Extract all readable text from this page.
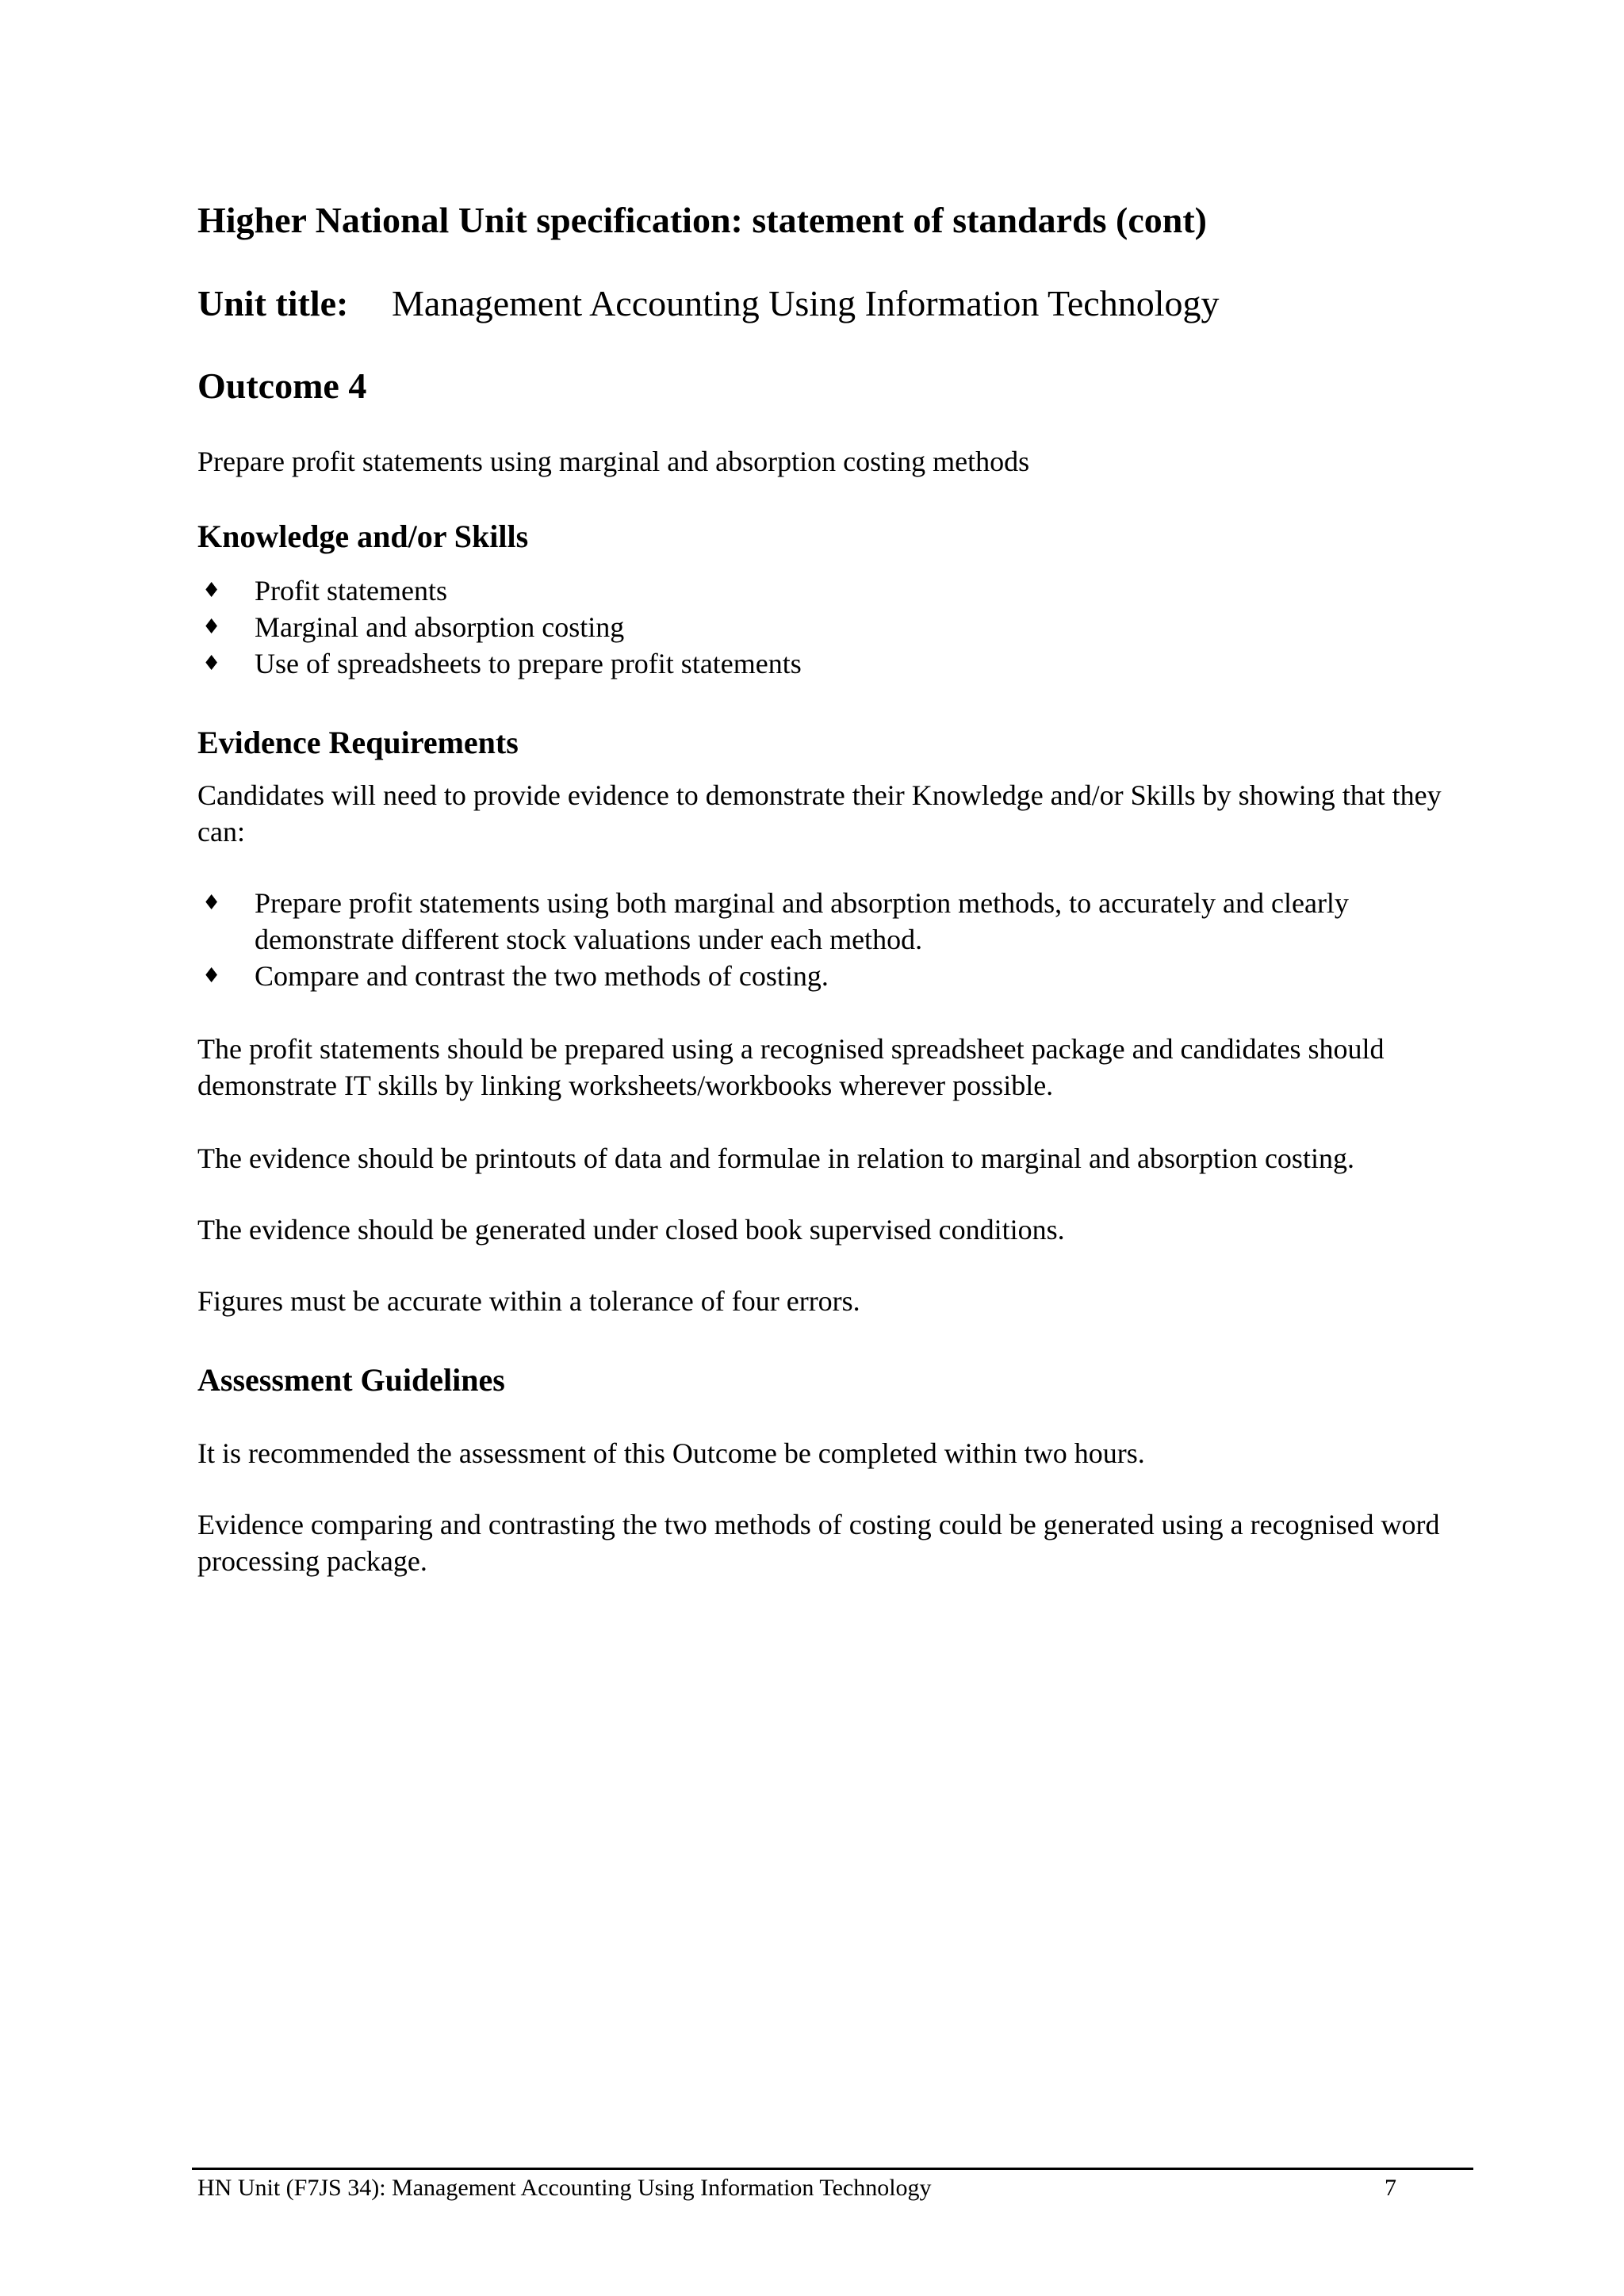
Higher National Unit specification: statement of standards (cont)
Unit title: Management Accounting Using Information Technology
Outcome 4

Prepare profit statements using marginal and absorption costing methods

Knowledge and/or Skills
♦ Profit statements
♦ Marginal and absorption costing
♦ Use of spreadsheets to prepare profit statements
Evidence Requirements

Candidates will need to provide evidence to demonstrate their Knowledge and/or Skills by showing that they can:

♦ Prepare profit statements using both marginal and absorption methods, to accurately and clearly demonstrate different stock valuations under each method.
♦ Compare and contrast the two methods of costing.

The profit statements should be prepared using a recognised spreadsheet package and candidates should demonstrate IT skills by linking worksheets/workbooks wherever possible.

The evidence should be printouts of data and formulae in relation to marginal and absorption costing.

The evidence should be generated under closed book supervised conditions.

Figures must be accurate within a tolerance of four errors.

Assessment Guidelines

It is recommended the assessment of this Outcome be completed within two hours.

Evidence comparing and contrasting the two methods of costing could be generated using a recognised word processing package.

HN Unit (F7JS 34): Management Accounting Using Information Technology	7
